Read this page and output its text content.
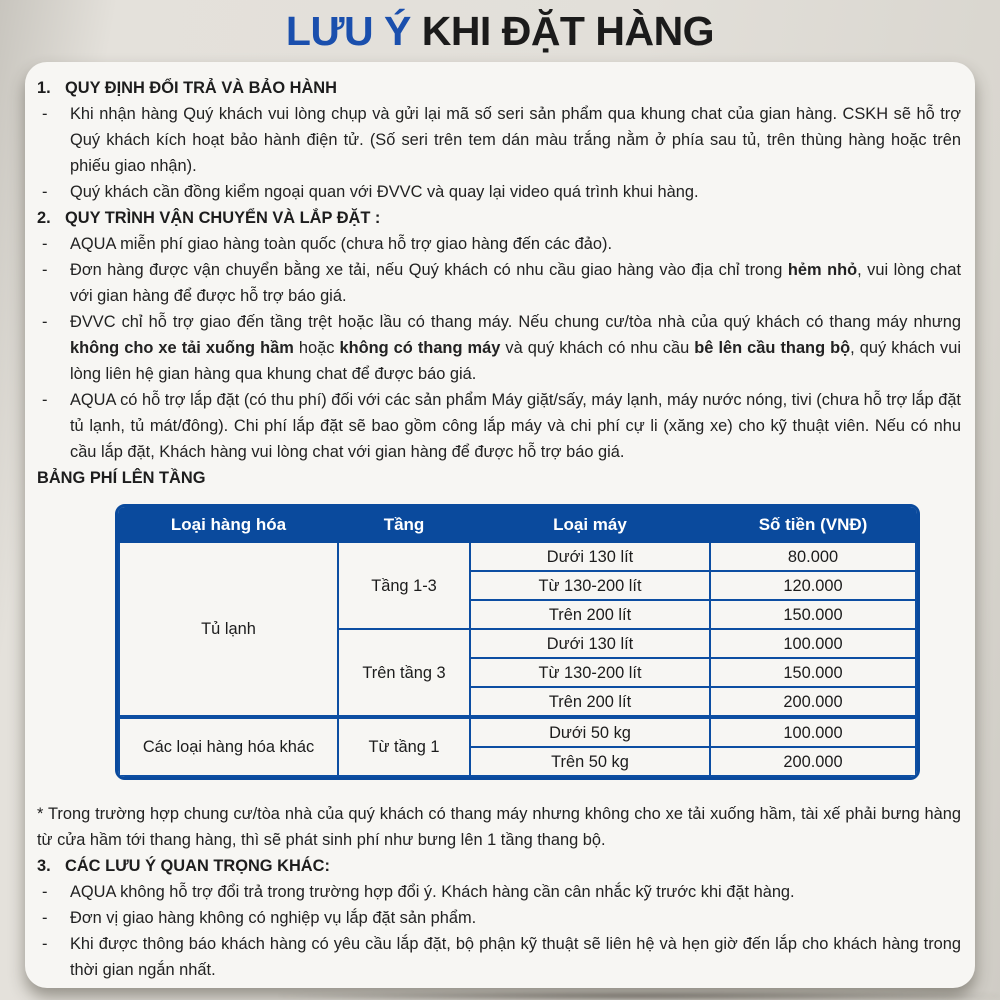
LƯU Ý KHI ĐẶT HÀNG
1. QUY ĐỊNH ĐỔI TRẢ VÀ BẢO HÀNH
-	Khi nhận hàng Quý khách vui lòng chụp và gửi lại mã số seri sản phẩm qua khung chat của gian hàng. CSKH sẽ hỗ trợ Quý khách kích hoạt bảo hành điện tử. (Số seri trên tem dán màu trắng nằm ở phía sau tủ, trên thùng hàng hoặc trên phiếu giao nhận).
-	Quý khách cần đồng kiểm ngoại quan với ĐVVC và quay lại video quá trình khui hàng.
2. QUY TRÌNH VẬN CHUYỂN VÀ LẮP ĐẶT :
-	AQUA miễn phí giao hàng toàn quốc (chưa hỗ trợ giao hàng đến các đảo).
-	Đơn hàng được vận chuyển bằng xe tải, nếu Quý khách có nhu cầu giao hàng vào địa chỉ trong hẻm nhỏ, vui lòng chat với gian hàng để được hỗ trợ báo giá.
-	ĐVVC chỉ hỗ trợ giao đến tầng trệt hoặc lầu có thang máy. Nếu chung cư/tòa nhà của quý khách có thang máy nhưng không cho xe tải xuống hầm hoặc không có thang máy và quý khách có nhu cầu bê lên cầu thang bộ, quý khách vui lòng liên hệ gian hàng qua khung chat để được báo giá.
-	AQUA có hỗ trợ lắp đặt (có thu phí) đối với các sản phẩm Máy giặt/sấy, máy lạnh, máy nước nóng, tivi (chưa hỗ trợ lắp đặt tủ lạnh, tủ mát/đông). Chi phí lắp đặt sẽ bao gồm công lắp máy và chi phí cự li (xăng xe) cho kỹ thuật viên. Nếu có nhu cầu lắp đặt, Khách hàng vui lòng chat với gian hàng để được hỗ trợ báo giá.
BẢNG PHÍ LÊN TẦNG
Loại hàng hóa	Tầng	Loại máy	Số tiền (VNĐ)
Tủ lạnh	Tầng 1-3	Dưới 130 lít	80.000
		Từ 130-200 lít	120.000
		Trên 200 lít	150.000
	Trên tầng 3	Dưới 130 lít	100.000
		Từ 130-200 lít	150.000
		Trên 200 lít	200.000
Các loại hàng hóa khác	Từ tầng 1	Dưới 50 kg	100.000
		Trên 50 kg	200.000
* Trong trường hợp chung cư/tòa nhà của quý khách có thang máy nhưng không cho xe tải xuống hầm, tài xế phải bưng hàng từ cửa hầm tới thang hàng, thì sẽ phát sinh phí như bưng lên 1 tầng thang bộ.
3. CÁC LƯU Ý QUAN TRỌNG KHÁC:
-	AQUA không hỗ trợ đổi trả trong trường hợp đổi ý. Khách hàng cần cân nhắc kỹ trước khi đặt hàng.
-	Đơn vị giao hàng không có nghiệp vụ lắp đặt sản phẩm.
-	Khi được thông báo khách hàng có yêu cầu lắp đặt, bộ phận kỹ thuật sẽ liên hệ và hẹn giờ đến lắp cho khách hàng trong thời gian ngắn nhất.
